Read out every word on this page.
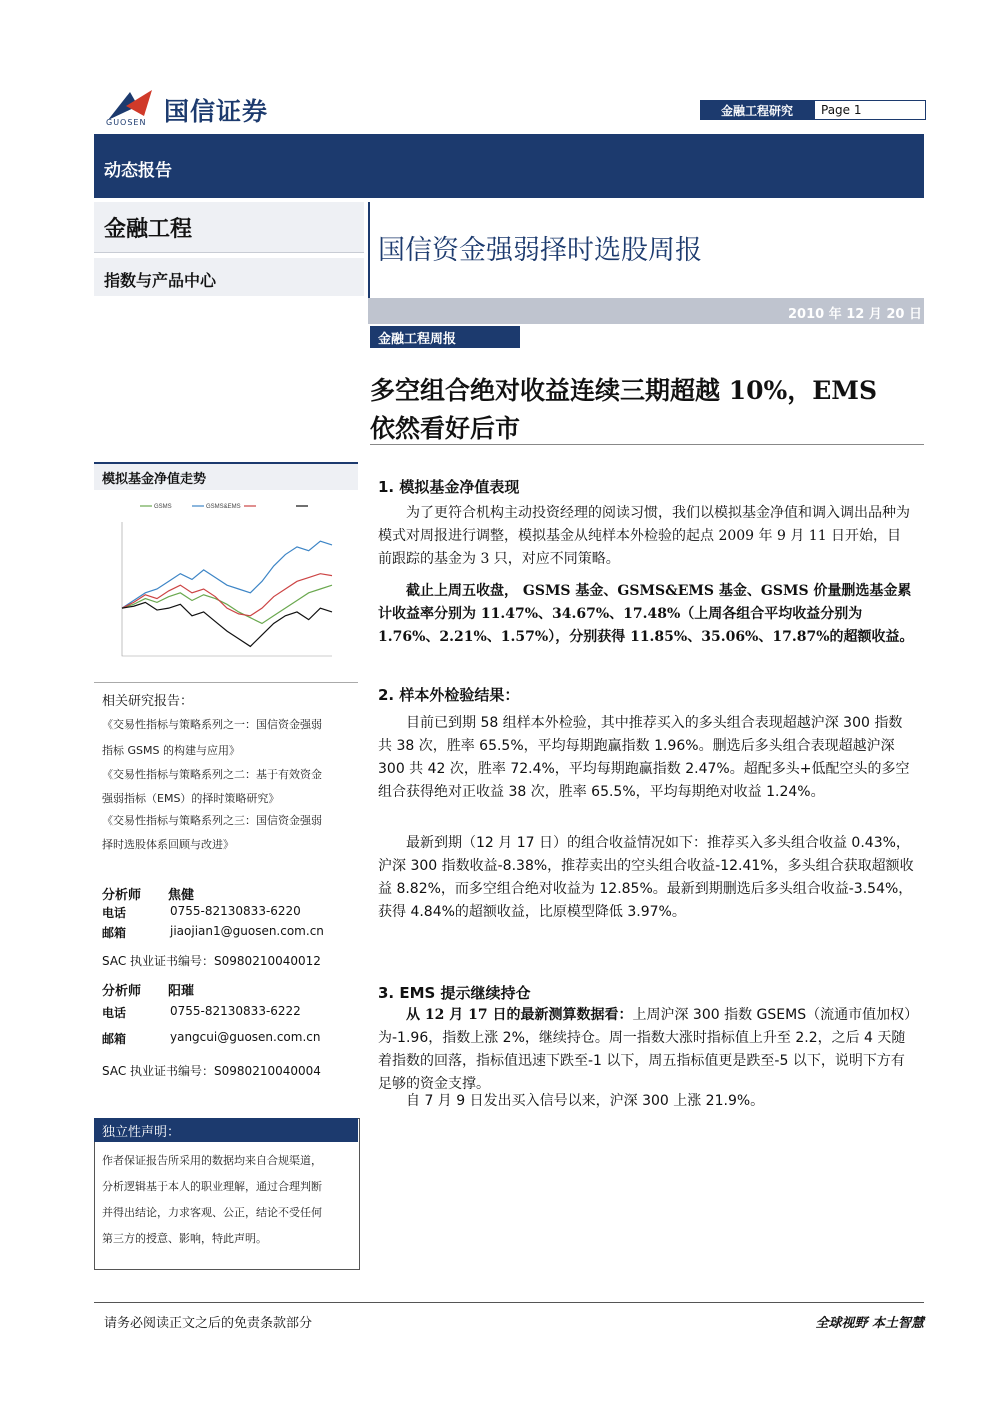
国信证券
GUOSEN
金融工程研究	Page 1
动态报告
金融工程
指数与产品中心
国信资金强弱择时选股周报
2010 年 12 月 20 日
金融工程周报
多空组合绝对收益连续三期超越 10%，EMS
依然看好后市
模拟基金净值走势
GSMS	GSMS&EMS
相关研究报告：
《交易性指标与策略系列之一：国信资金强弱
指标 GSMS 的构建与应用》
《交易性指标与策略系列之二：基于有效资金
强弱指标（EMS）的择时策略研究》
《交易性指标与策略系列之三：国信资金强弱
择时选股体系回顾与改进》
分析师 焦健
电话	0755-82130833-6220
邮箱	jiaojian1@guosen.com.cn
SAC 执业证书编号：S0980210040012
分析师 阳璀
电话	0755-82130833-6222
邮箱	yangcui@guosen.com.cn
SAC 执业证书编号：S0980210040004
独立性声明：
作者保证报告所采用的数据均来自合规渠道，
分析逻辑基于本人的职业理解，通过合理判断
并得出结论，力求客观、公正，结论不受任何
第三方的授意、影响，特此声明。
1. 模拟基金净值表现
为了更符合机构主动投资经理的阅读习惯，我们以模拟基金净值和调入调出品种为模式对周报进行调整，模拟基金从纯样本外检验的起点 2009 年 9 月 11 日开始，目前跟踪的基金为 3 只，对应不同策略。
截止上周五收盘， GSMS 基金、GSMS&EMS 基金、GSMS 价量删选基金累计收益率分别为 11.47%、34.67%、17.48%（上周各组合平均收益分别为 1.76%、2.21%、1.57%），分别获得 11.85%、35.06%、17.87%的超额收益。
2. 样本外检验结果：
目前已到期 58 组样本外检验，其中推荐买入的多头组合表现超越沪深 300 指数共 38 次，胜率 65.5%，平均每期跑赢指数 1.96%。删选后多头组合表现超越沪深 300 共 42 次，胜率 72.4%，平均每期跑赢指数 2.47%。超配多头+低配空头的多空组合获得绝对正收益 38 次，胜率 65.5%，平均每期绝对收益 1.24%。
最新到期（12 月 17 日）的组合收益情况如下：推荐买入多头组合收益 0.43%，沪深 300 指数收益-8.38%，推荐卖出的空头组合收益-12.41%，多头组合获取超额收益 8.82%，而多空组合绝对收益为 12.85%。最新到期删选后多头组合收益-3.54%，获得 4.84%的超额收益，比原模型降低 3.97%。
3. EMS 提示继续持仓
从 12 月 17 日的最新测算数据看：上周沪深 300 指数 GSEMS（流通市值加权）为-1.96，指数上涨 2%，继续持仓。周一指数大涨时指标值上升至 2.2，之后 4 天随着指数的回落，指标值迅速下跌至-1 以下，周五指标值更是跌至-5 以下，说明下方有足够的资金支撑。
自 7 月 9 日发出买入信号以来，沪深 300 上涨 21.9%。
请务必阅读正文之后的免责条款部分	全球视野 本土智慧
